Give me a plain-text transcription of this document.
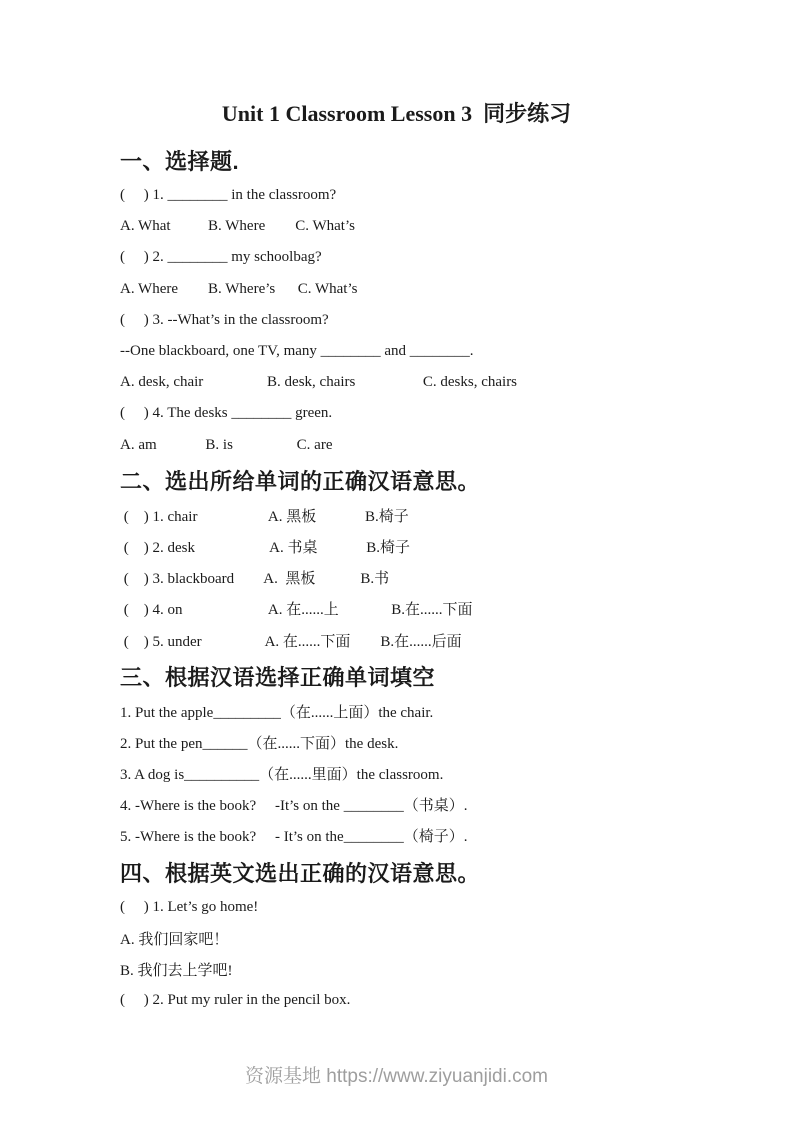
Unit 1 Classroom Lesson 3  同步练习
一、选择题.
(     ) 1. ________ in the classroom?
A. What          B. Where        C. What’s
(     ) 2. ________ my schoolbag?
A. Where        B. Where’s      C. What’s
(     ) 3. --What’s in the classroom?
--One blackboard, one TV, many ________ and ________.
A. desk, chair                 B. desk, chairs                  C. desks, chairs
(     ) 4. The desks ________ green.
A. am             B. is                 C. are
二、选出所给单词的正确汉语意思。
(    ) 1. chair                   A. 黑板             B.椅子
(    ) 2. desk                    A. 书桌             B.椅子
(    ) 3. blackboard        A.  黑板            B.书
(    ) 4. on                       A. 在......上              B.在......下面
(    ) 5. under                 A. 在......下面        B.在......后面
三、根据汉语选择正确单词填空
1. Put the apple_________（在......上面）the chair.
2. Put the pen______（在......下面）the desk.
3. A dog is__________（在......里面）the classroom.
4. -Where is the book?     -It’s on the ________（书桌）.
5. -Where is the book?     - It’s on the________（椅子）.
四、根据英文选出正确的汉语意思。
(     ) 1. Let’s go home!
A. 我们回家吧！
B. 我们去上学吧!
(     ) 2. Put my ruler in the pencil box.
资源基地 https://www.ziyuanjidi.com
